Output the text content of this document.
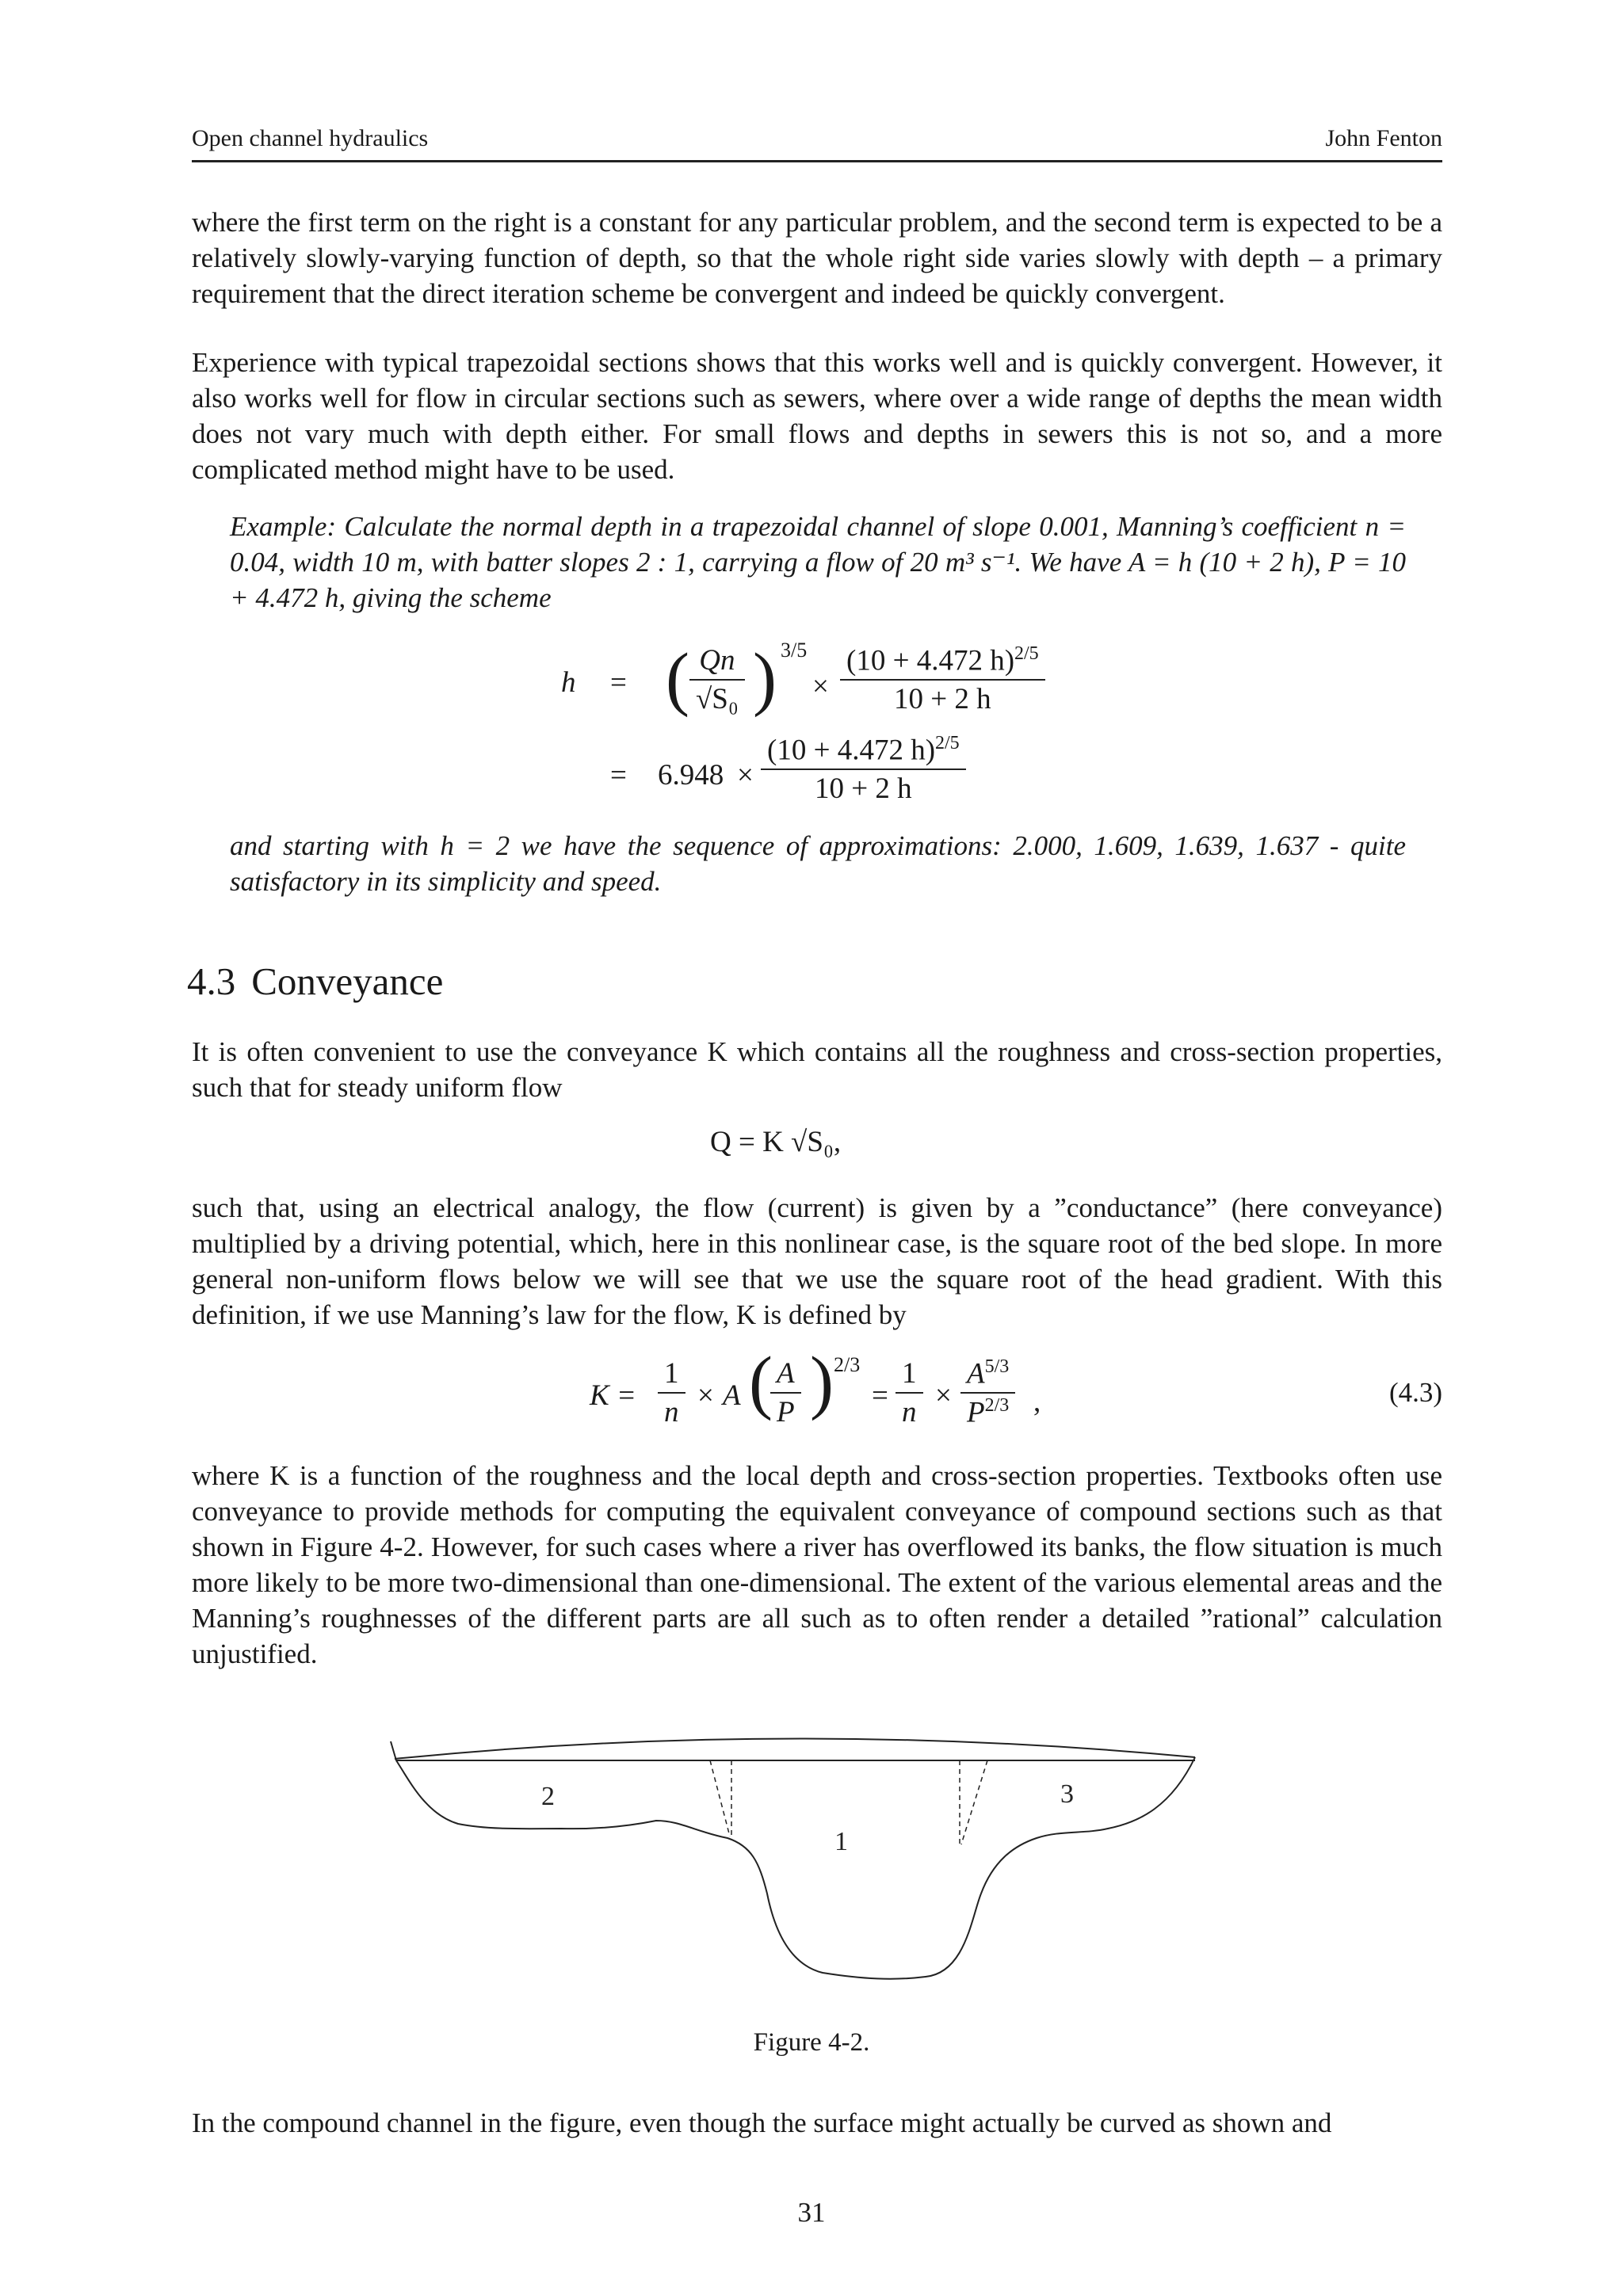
Open channel hydraulics	John Fenton

where the first term on the right is a constant for any particular problem, and the second term is expected to be a relatively slowly-varying function of depth, so that the whole right side varies slowly with depth – a primary requirement that the direct iteration scheme be convergent and indeed be quickly convergent.

Experience with typical trapezoidal sections shows that this works well and is quickly convergent. However, it also works well for flow in circular sections such as sewers, where over a wide range of depths the mean width does not vary much with depth either. For small flows and depths in sewers this is not so, and a more complicated method might have to be used.

Example: Calculate the normal depth in a trapezoidal channel of slope 0.001, Manning’s coefficient n = 0.04, width 10 m, with batter slopes 2 : 1, carrying a flow of 20 m³ s⁻¹. We have A = h (10 + 2 h), P = 10 + 4.472 h, giving the scheme

h = ( $\frac{Qn}{\text{√S₀}}$ ) 3/5
× $\frac{(10 + 4.472 h)^{2/5}}{10 + 2 h}$
= $6.948 \times \frac{(10 + 4.472 h)^{2/5}}{10 + 2 h}$

and starting with h = 2 we have the sequence of approximations: 2.000, 1.609, 1.639, 1.637 - quite satisfactory in its simplicity and speed.

4.3 Conveyance

It is often convenient to use the conveyance K which contains all the roughness and cross-section properties, such that for steady uniform flow

Q = K √S₀,

such that, using an electrical analogy, the flow (current) is given by a ”conductance” (here conveyance) multiplied by a driving potential, which, here in this nonlinear case, is the square root of the bed slope. In more general non-uniform flows below we will see that we use the square root of the head gradient. With this definition, if we use Manning’s law for the flow, K is defined by

$K = \frac{1}{n} \times A$ (
$\frac{A}{P}$ ) 2/3
= $\frac{1}{n} \times \frac{A^{5/3}}{P^{2/3}}$ ,	(4.3)

where K is a function of the roughness and the local depth and cross-section properties. Textbooks often use conveyance to provide methods for computing the equivalent conveyance of compound sections such as that shown in Figure 4-2. However, for such cases where a river has overflowed its banks, the flow situation is much more likely to be more two-dimensional than one-dimensional. The extent of the various elemental areas and the Manning’s roughnesses of the different parts are all such as to often render a detailed ”rational” calculation unjustified.

2
1
3
Figure 4-2.

In the compound channel in the figure, even though the surface might actually be curved as shown and

31
